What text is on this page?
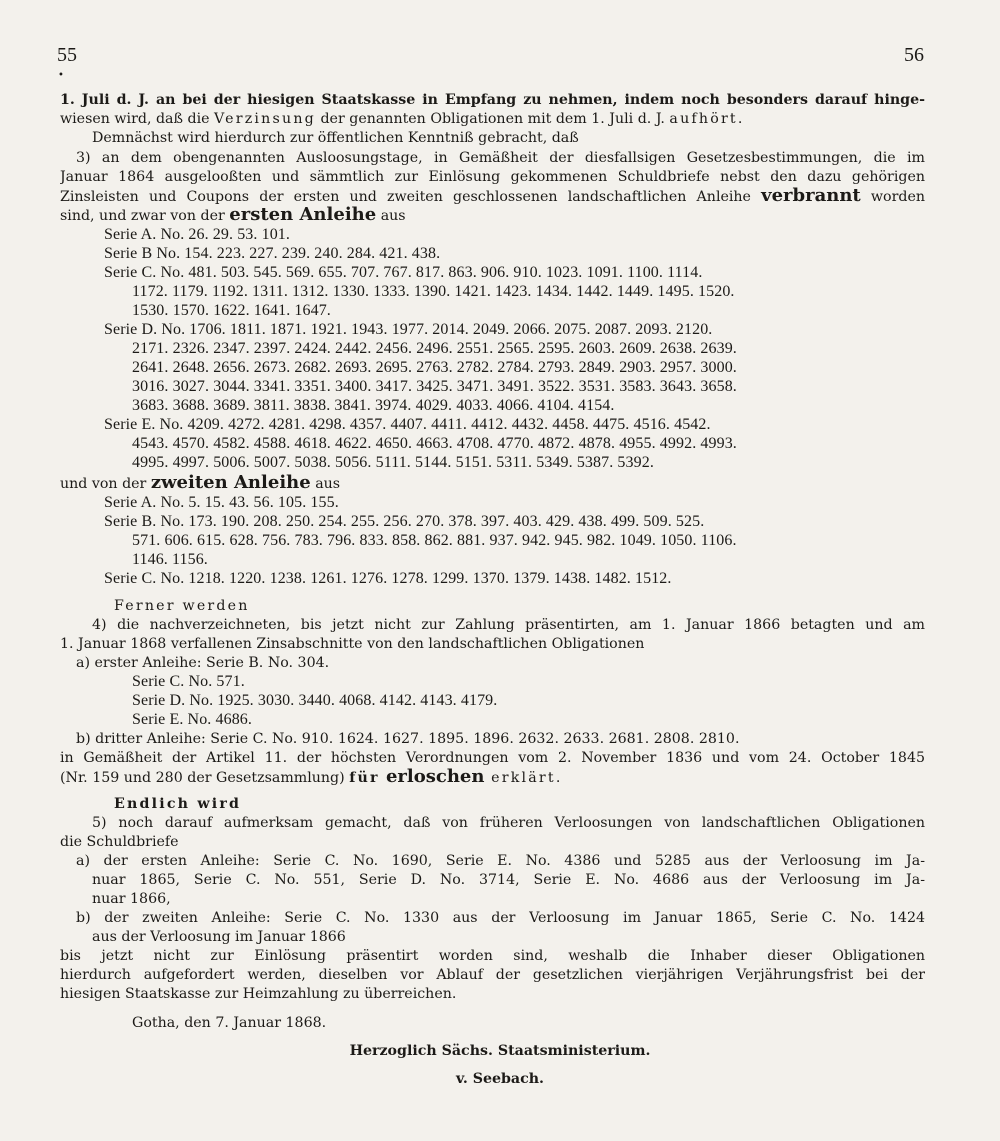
55	56
•
1. Juli d. J. an bei der hiesigen Staatskasse in Empfang zu nehmen, indem noch besonders darauf hinge-
wiesen wird, daß die Verzinsung der genannten Obligationen mit dem 1. Juli d. J. aufhört.
Demnächst wird hierdurch zur öffentlichen Kenntniß gebracht, daß
3) an dem obengenannten Ausloosungstage, in Gemäßheit der diesfallsigen Gesetzesbestimmungen, die im
Januar 1864 ausgelooßten und sämmtlich zur Einlösung gekommenen Schuldbriefe nebst den dazu gehörigen
Zinsleisten und Coupons der ersten und zweiten geschlossenen landschaftlichen Anleihe verbrannt worden
sind, und zwar von der ersten Anleihe aus
Serie A. No. 26. 29. 53. 101.
Serie B No. 154. 223. 227. 239. 240. 284. 421. 438.
Serie C. No. 481. 503. 545. 569. 655. 707. 767. 817. 863. 906. 910. 1023. 1091. 1100. 1114.
1172. 1179. 1192. 1311. 1312. 1330. 1333. 1390. 1421. 1423. 1434. 1442. 1449. 1495. 1520.
1530. 1570. 1622. 1641. 1647.
Serie D. No. 1706. 1811. 1871. 1921. 1943. 1977. 2014. 2049. 2066. 2075. 2087. 2093. 2120.
2171. 2326. 2347. 2397. 2424. 2442. 2456. 2496. 2551. 2565. 2595. 2603. 2609. 2638. 2639.
2641. 2648. 2656. 2673. 2682. 2693. 2695. 2763. 2782. 2784. 2793. 2849. 2903. 2957. 3000.
3016. 3027. 3044. 3341. 3351. 3400. 3417. 3425. 3471. 3491. 3522. 3531. 3583. 3643. 3658.
3683. 3688. 3689. 3811. 3838. 3841. 3974. 4029. 4033. 4066. 4104. 4154.
Serie E. No. 4209. 4272. 4281. 4298. 4357. 4407. 4411. 4412. 4432. 4458. 4475. 4516. 4542.
4543. 4570. 4582. 4588. 4618. 4622. 4650. 4663. 4708. 4770. 4872. 4878. 4955. 4992. 4993.
4995. 4997. 5006. 5007. 5038. 5056. 5111. 5144. 5151. 5311. 5349. 5387. 5392.
und von der zweiten Anleihe aus
Serie A. No. 5. 15. 43. 56. 105. 155.
Serie B. No. 173. 190. 208. 250. 254. 255. 256. 270. 378. 397. 403. 429. 438. 499. 509. 525.
571. 606. 615. 628. 756. 783. 796. 833. 858. 862. 881. 937. 942. 945. 982. 1049. 1050. 1106.
1146. 1156.
Serie C. No. 1218. 1220. 1238. 1261. 1276. 1278. 1299. 1370. 1379. 1438. 1482. 1512.
Ferner werden
4) die nachverzeichneten, bis jetzt nicht zur Zahlung präsentirten, am 1. Januar 1866 betagten und am
1. Januar 1868 verfallenen Zinsabschnitte von den landschaftlichen Obligationen
a) erster Anleihe: Serie B. No. 304.
Serie C. No. 571.
Serie D. No. 1925. 3030. 3440. 4068. 4142. 4143. 4179.
Serie E. No. 4686.
b) dritter Anleihe: Serie C. No. 910. 1624. 1627. 1895. 1896. 2632. 2633. 2681. 2808. 2810.
in Gemäßheit der Artikel 11. der höchsten Verordnungen vom 2. November 1836 und vom 24. October 1845
(Nr. 159 und 280 der Gesetzsammlung) für erloschen erklärt.
Endlich wird
5) noch darauf aufmerksam gemacht, daß von früheren Verloosungen von landschaftlichen Obligationen
die Schuldbriefe
a) der ersten Anleihe: Serie C. No. 1690, Serie E. No. 4386 und 5285 aus der Verloosung im Ja-
nuar 1865, Serie C. No. 551, Serie D. No. 3714, Serie E. No. 4686 aus der Verloosung im Ja-
nuar 1866,
b) der zweiten Anleihe: Serie C. No. 1330 aus der Verloosung im Januar 1865, Serie C. No. 1424
aus der Verloosung im Januar 1866
bis jetzt nicht zur Einlösung präsentirt worden sind, weshalb die Inhaber dieser Obligationen
hierdurch aufgefordert werden, dieselben vor Ablauf der gesetzlichen vierjährigen Verjährungsfrist bei der
hiesigen Staatskasse zur Heimzahlung zu überreichen.
Gotha, den 7. Januar 1868.
Herzoglich Sächs. Staatsministerium.
v. Seebach.
